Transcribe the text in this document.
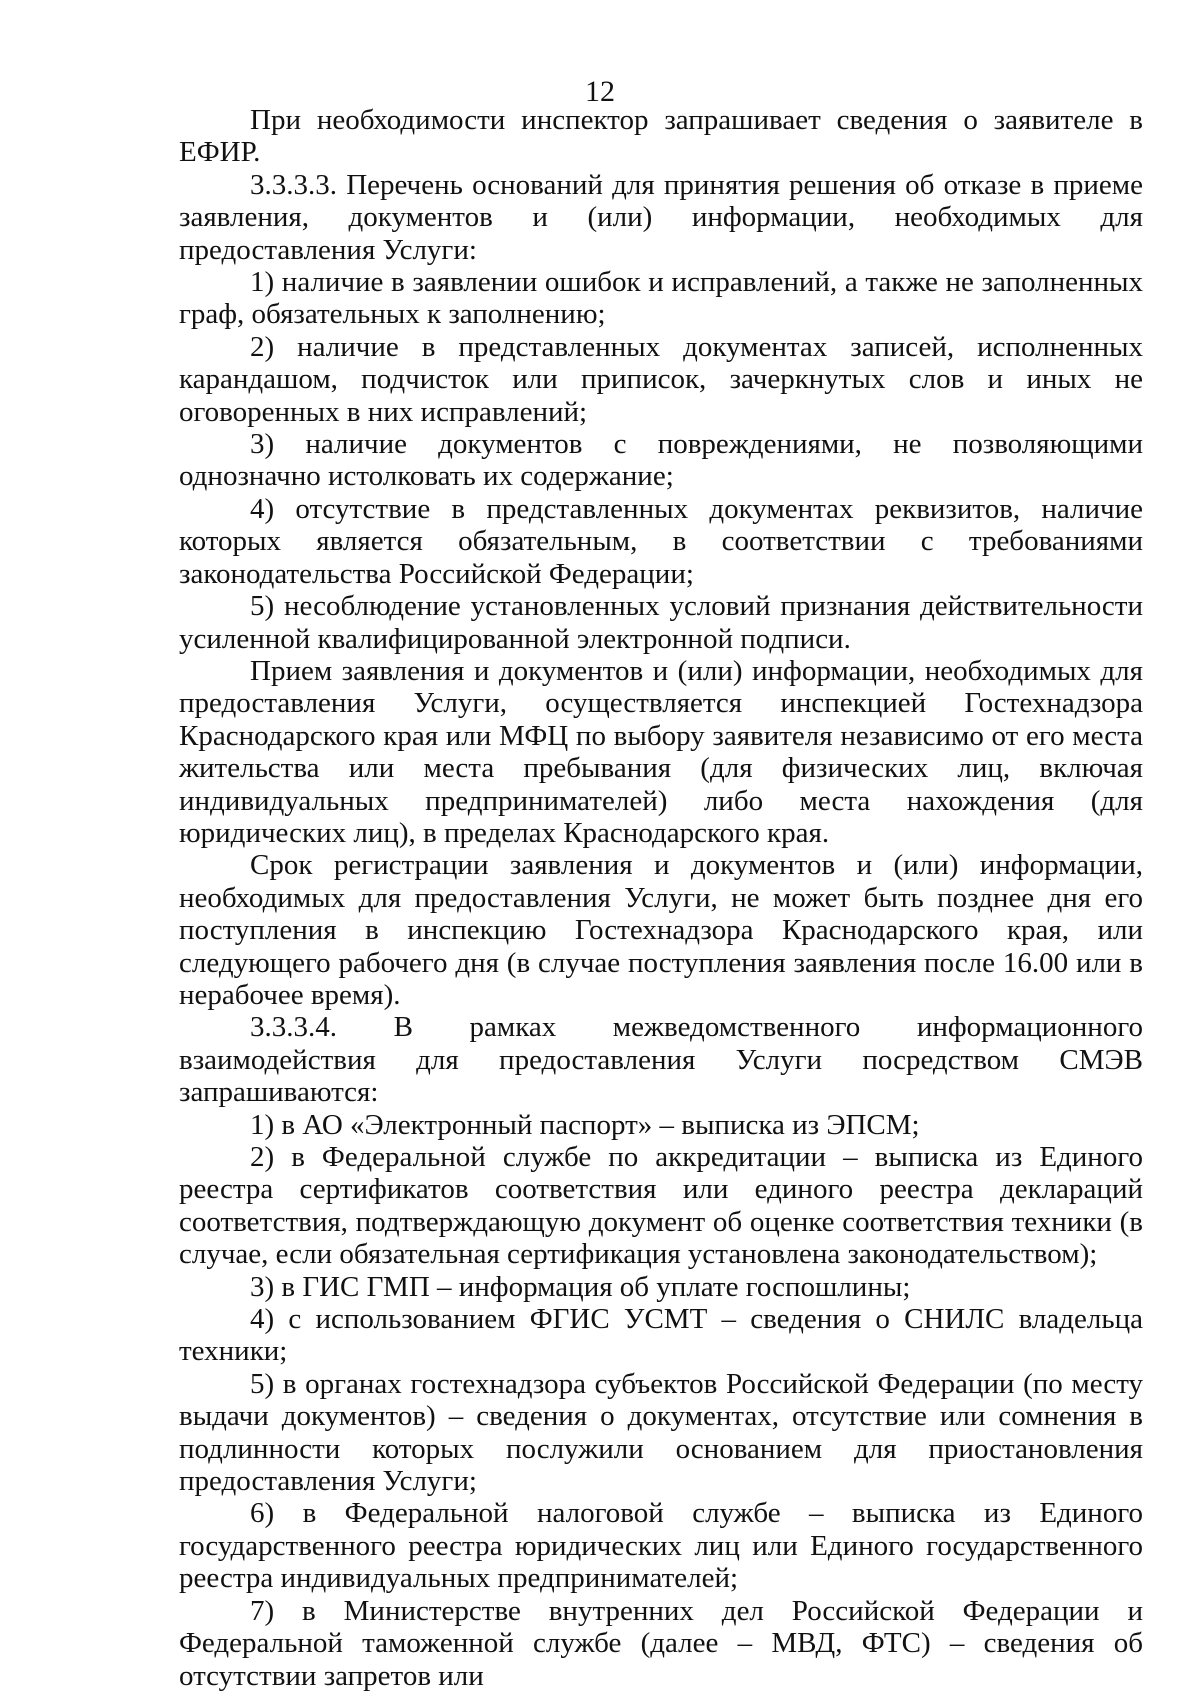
12

При необходимости инспектор запрашивает сведения о заявителе в ЕФИР.

3.3.3.3. Перечень оснований для принятия решения об отказе в приеме заявления, документов и (или) информации, необходимых для предоставления Услуги:

1) наличие в заявлении ошибок и исправлений, а также не заполненных граф, обязательных к заполнению;

2) наличие в представленных документах записей, исполненных карандашом, подчисток или приписок, зачеркнутых слов и иных не оговоренных в них исправлений;

3) наличие документов с повреждениями, не позволяющими однозначно истолковать их содержание;

4) отсутствие в представленных документах реквизитов, наличие которых является обязательным, в соответствии с требованиями законодательства Российской Федерации;

5) несоблюдение установленных условий признания действительности усиленной квалифицированной электронной подписи.

Прием заявления и документов и (или) информации, необходимых для предоставления Услуги, осуществляется инспекцией Гостехнадзора Краснодарского края или МФЦ по выбору заявителя независимо от его места жительства или места пребывания (для физических лиц, включая индивидуальных предпринимателей) либо места нахождения (для юридических лиц), в пределах Краснодарского края.

Срок регистрации заявления и документов и (или) информации, необходимых для предоставления Услуги, не может быть позднее дня его поступления в инспекцию Гостехнадзора Краснодарского края, или следующего рабочего дня (в случае поступления заявления после 16.00 или в нерабочее время).

3.3.3.4. В рамках межведомственного информационного взаимодействия для предоставления Услуги посредством СМЭВ запрашиваются:

1) в АО «Электронный паспорт» – выписка из ЭПСМ;

2) в Федеральной службе по аккредитации – выписка из Единого реестра сертификатов соответствия или единого реестра деклараций соответствия, подтверждающую документ об оценке соответствия техники (в случае, если обязательная сертификация установлена законодательством);

3) в ГИС ГМП – информация об уплате госпошлины;

4) с использованием ФГИС УСМТ – сведения о СНИЛС владельца техники;

5) в органах гостехнадзора субъектов Российской Федерации (по месту выдачи документов) – сведения о документах, отсутствие или сомнения в подлинности которых послужили основанием для приостановления предоставления Услуги;

6) в Федеральной налоговой службе – выписка из Единого государственного реестра юридических лиц или Единого государственного реестра индивидуальных предпринимателей;

7) в Министерстве внутренних дел Российской Федерации и Федеральной таможенной службе (далее – МВД, ФТС) – сведения об отсутствии запретов или
